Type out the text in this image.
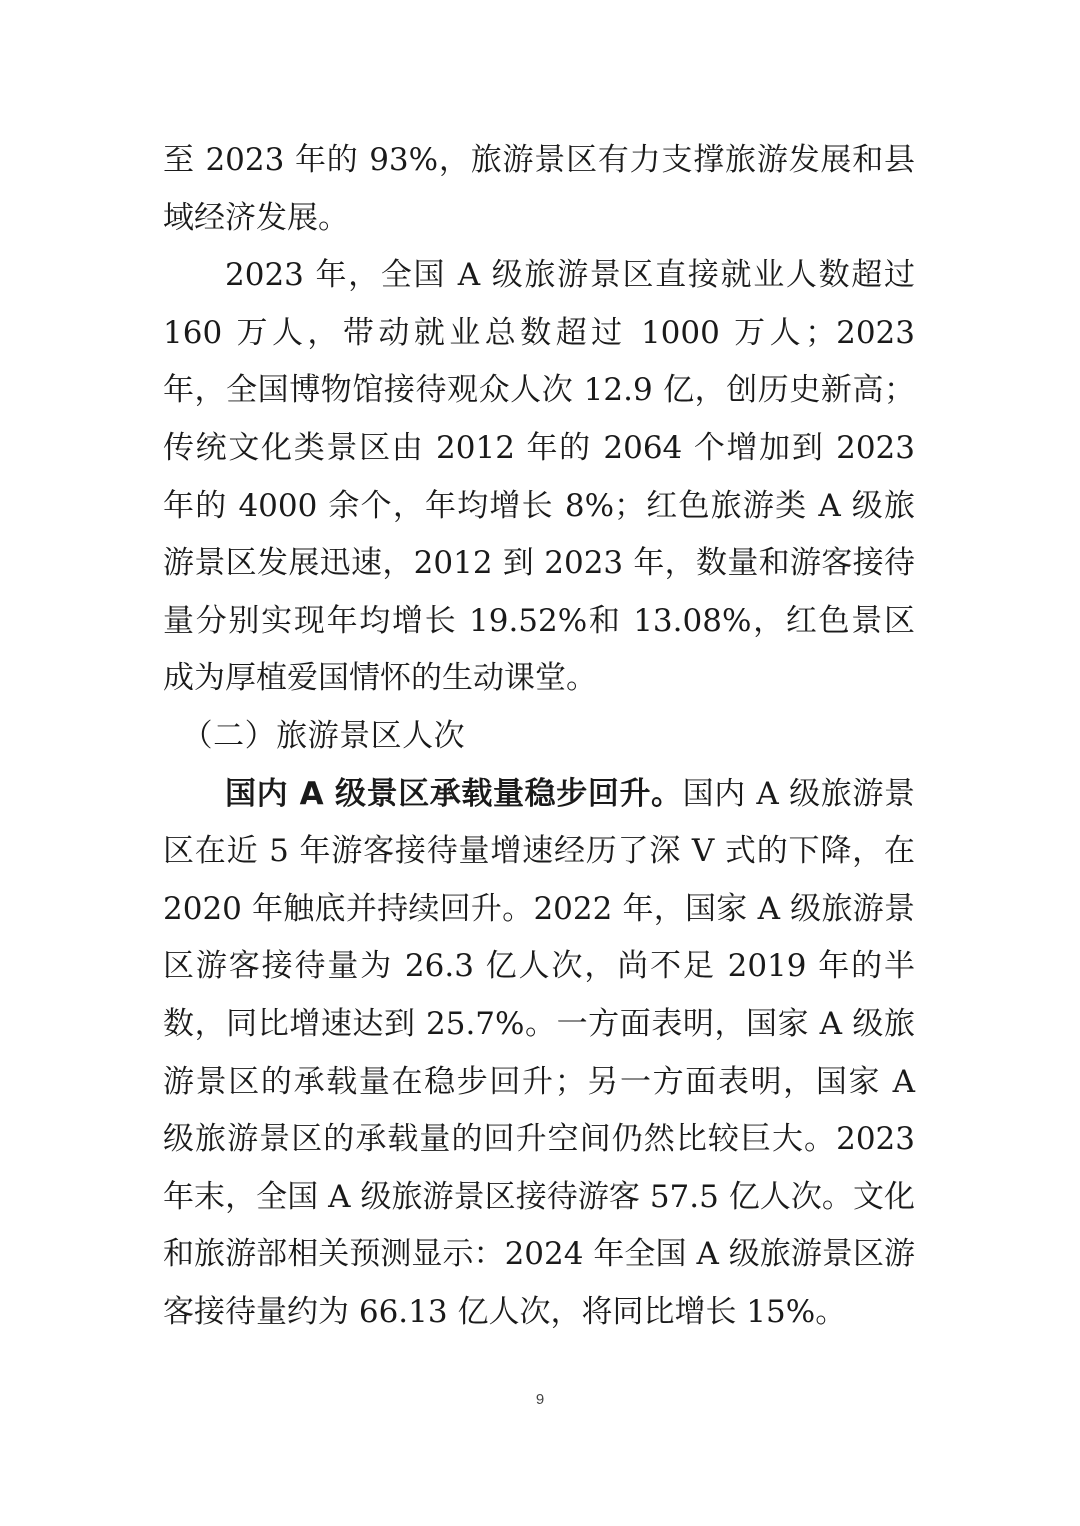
至 2023 年的 93%，旅游景区有力支撑旅游发展和县域经济发展。

2023 年，全国 A 级旅游景区直接就业人数超过 160 万人，带动就业总数超过 1000 万人；2023 年，全国博物馆接待观众人次 12.9 亿，创历史新高；传统文化类景区由 2012 年的 2064 个增加到 2023 年的 4000 余个，年均增长 8%；红色旅游类 A 级旅游景区发展迅速，2012 到 2023 年，数量和游客接待量分别实现年均增长 19.52%和 13.08%，红色景区成为厚植爱国情怀的生动课堂。

（二）旅游景区人次

国内 A 级景区承载量稳步回升。国内 A 级旅游景区在近 5 年游客接待量增速经历了深 V 式的下降，在 2020 年触底并持续回升。2022 年，国家 A 级旅游景区游客接待量为 26.3 亿人次，尚不足 2019 年的半数，同比增速达到 25.7%。一方面表明，国家 A 级旅游景区的承载量在稳步回升；另一方面表明，国家 A 级旅游景区的承载量的回升空间仍然比较巨大。2023 年末，全国 A 级旅游景区接待游客 57.5 亿人次。文化和旅游部相关预测显示：2024 年全国 A 级旅游景区游客接待量约为 66.13 亿人次，将同比增长 15%。

9
